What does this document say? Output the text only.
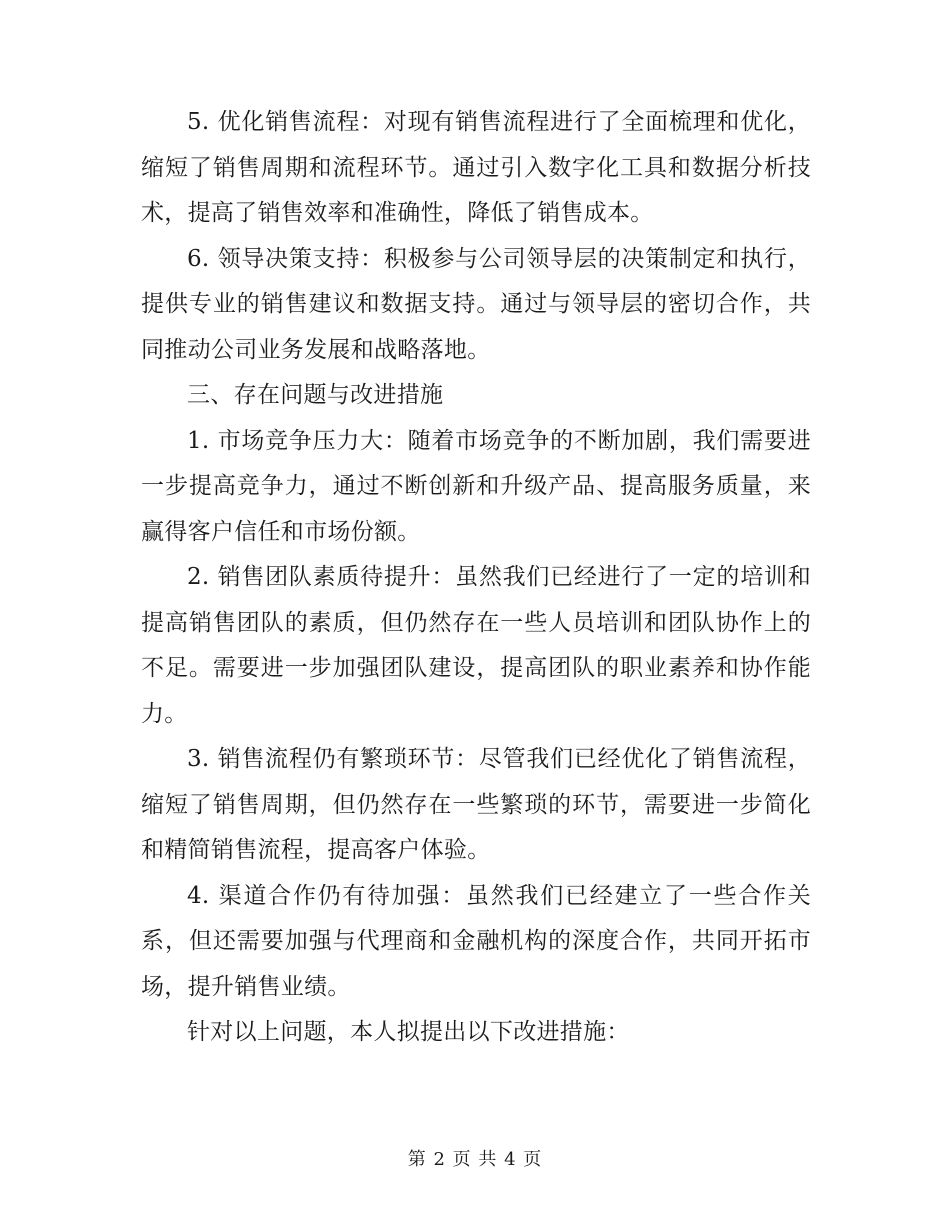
5. 优化销售流程：对现有销售流程进行了全面梳理和优化，缩短了销售周期和流程环节。通过引入数字化工具和数据分析技术，提高了销售效率和准确性，降低了销售成本。

6. 领导决策支持：积极参与公司领导层的决策制定和执行，提供专业的销售建议和数据支持。通过与领导层的密切合作，共同推动公司业务发展和战略落地。

三、存在问题与改进措施

1. 市场竞争压力大：随着市场竞争的不断加剧，我们需要进一步提高竞争力，通过不断创新和升级产品、提高服务质量，来赢得客户信任和市场份额。

2. 销售团队素质待提升：虽然我们已经进行了一定的培训和提高销售团队的素质，但仍然存在一些人员培训和团队协作上的不足。需要进一步加强团队建设，提高团队的职业素养和协作能力。

3. 销售流程仍有繁琐环节：尽管我们已经优化了销售流程，缩短了销售周期，但仍然存在一些繁琐的环节，需要进一步简化和精简销售流程，提高客户体验。

4. 渠道合作仍有待加强：虽然我们已经建立了一些合作关系，但还需要加强与代理商和金融机构的深度合作，共同开拓市场，提升销售业绩。

针对以上问题，本人拟提出以下改进措施：

第 2 页 共 4 页
